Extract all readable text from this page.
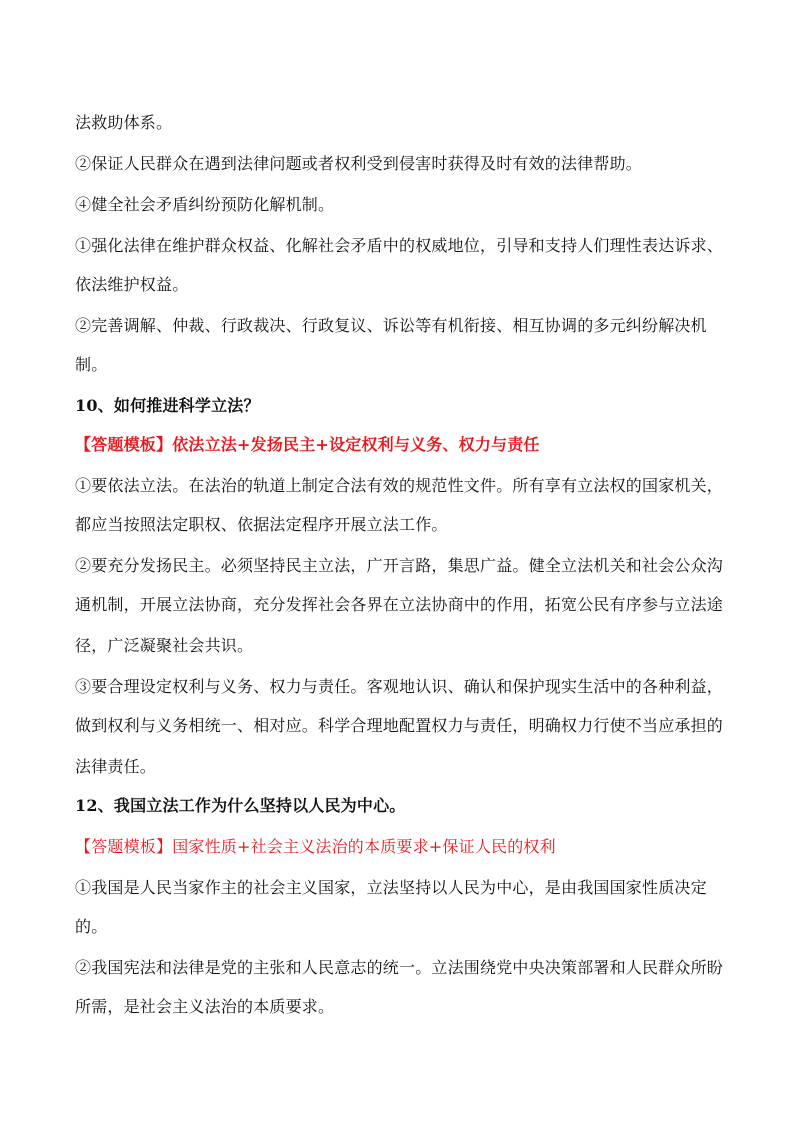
法救助体系。
②保证人民群众在遇到法律问题或者权利受到侵害时获得及时有效的法律帮助。
④健全社会矛盾纠纷预防化解机制。
①强化法律在维护群众权益、化解社会矛盾中的权威地位，引导和支持人们理性表达诉求、
依法维护权益。
②完善调解、仲裁、行政裁决、行政复议、诉讼等有机衔接、相互协调的多元纠纷解决机
制。
10、如何推进科学立法？
【答题模板】依法立法+发扬民主+设定权利与义务、权力与责任
①要依法立法。在法治的轨道上制定合法有效的规范性文件。所有享有立法权的国家机关，
都应当按照法定职权、依据法定程序开展立法工作。
②要充分发扬民主。必须坚持民主立法，广开言路，集思广益。健全立法机关和社会公众沟
通机制，开展立法协商，充分发挥社会各界在立法协商中的作用，拓宽公民有序参与立法途
径，广泛凝聚社会共识。
③要合理设定权利与义务、权力与责任。客观地认识、确认和保护现实生活中的各种利益，
做到权利与义务相统一、相对应。科学合理地配置权力与责任，明确权力行使不当应承担的
法律责任。
12、我国立法工作为什么坚持以人民为中心。
【答题模板】国家性质+社会主义法治的本质要求+保证人民的权利
①我国是人民当家作主的社会主义国家，立法坚持以人民为中心，是由我国国家性质决定
的。
②我国宪法和法律是党的主张和人民意志的统一。立法围绕党中央决策部署和人民群众所盼
所需，是社会主义法治的本质要求。
